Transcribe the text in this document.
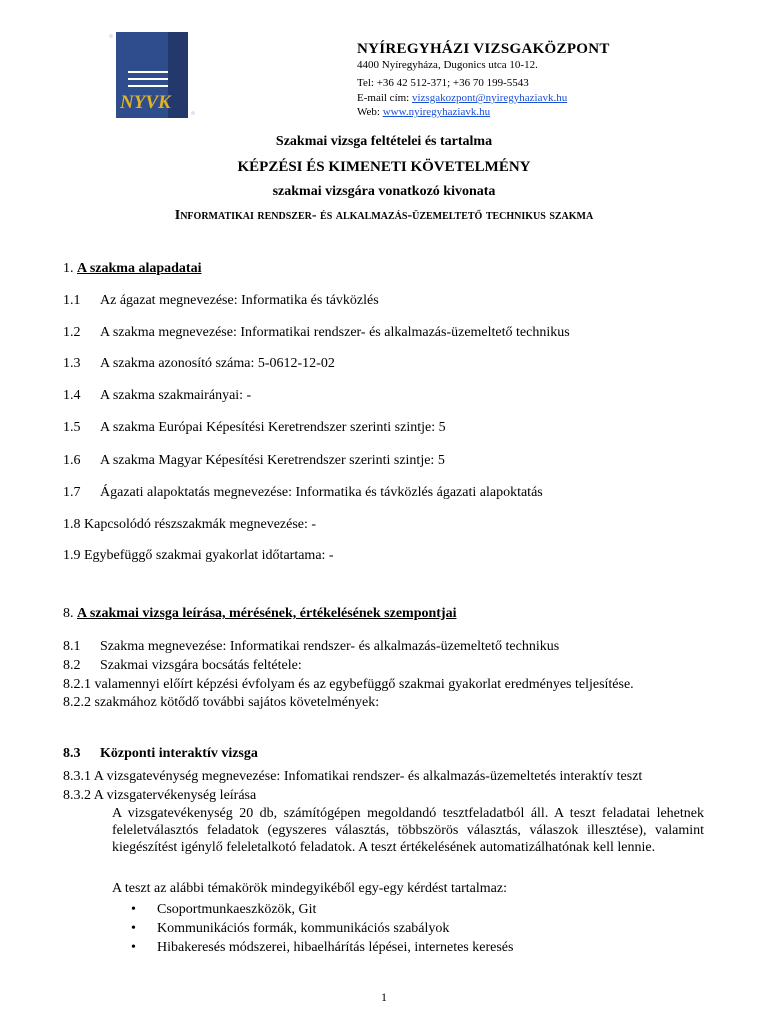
NYVK
NYÍREGYHÁZI VIZSGAKÖZPONT
4400 Nyíregyháza, Dugonics utca 10-12.
Tel: +36 42 512-371; +36 70 199-5543
E-mail cím: vizsgakozpont@nyiregyhaziavk.hu
Web: www.nyiregyhaziavk.hu
Szakmai vizsga feltételei és tartalma
KÉPZÉSI ÉS KIMENETI KÖVETELMÉNY
szakmai vizsgára vonatkozó kivonata
Informatikai rendszer- és alkalmazás-üzemeltető technikus szakma
1. A szakma alapadatai
1.1 Az ágazat megnevezése: Informatika és távközlés
1.2 A szakma megnevezése: Informatikai rendszer- és alkalmazás-üzemeltető technikus
1.3 A szakma azonosító száma: 5-0612-12-02
1.4 A szakma szakmairányai: -
1.5 A szakma Európai Képesítési Keretrendszer szerinti szintje: 5
1.6 A szakma Magyar Képesítési Keretrendszer szerinti szintje: 5
1.7 Ágazati alapoktatás megnevezése: Informatika és távközlés ágazati alapoktatás
1.8 Kapcsolódó részszakmák megnevezése: -
1.9 Egybefüggő szakmai gyakorlat időtartama: -
8. A szakmai vizsga leírása, mérésének, értékelésének szempontjai
8.1 Szakma megnevezése: Informatikai rendszer- és alkalmazás-üzemeltető technikus
8.2 Szakmai vizsgára bocsátás feltétele:
8.2.1 valamennyi előírt képzési évfolyam és az egybefüggő szakmai gyakorlat eredményes teljesítése.
8.2.2 szakmához kötődő további sajátos követelmények:
8.3 Központi interaktív vizsga
8.3.1 A vizsgatevénység megnevezése: Infomatikai rendszer- és alkalmazás-üzemeltetés interaktív teszt
8.3.2 A vizsgatervékenység leírása
A vizsgatevékenység 20 db, számítógépen megoldandó tesztfeladatból áll. A teszt feladatai lehetnek feleletválasztós feladatok (egyszeres választás, többszörös választás, válaszok illesztése), valamint kiegészítést igénylő feleletalkotó feladatok. A teszt értékelésének automatizálhatónak kell lennie.
A teszt az alábbi témakörök mindegyikéből egy-egy kérdést tartalmaz:
• Csoportmunkaeszközök, Git
• Kommunikációs formák, kommunikációs szabályok
• Hibakeresés módszerei, hibaelhárítás lépései, internetes keresés
1
